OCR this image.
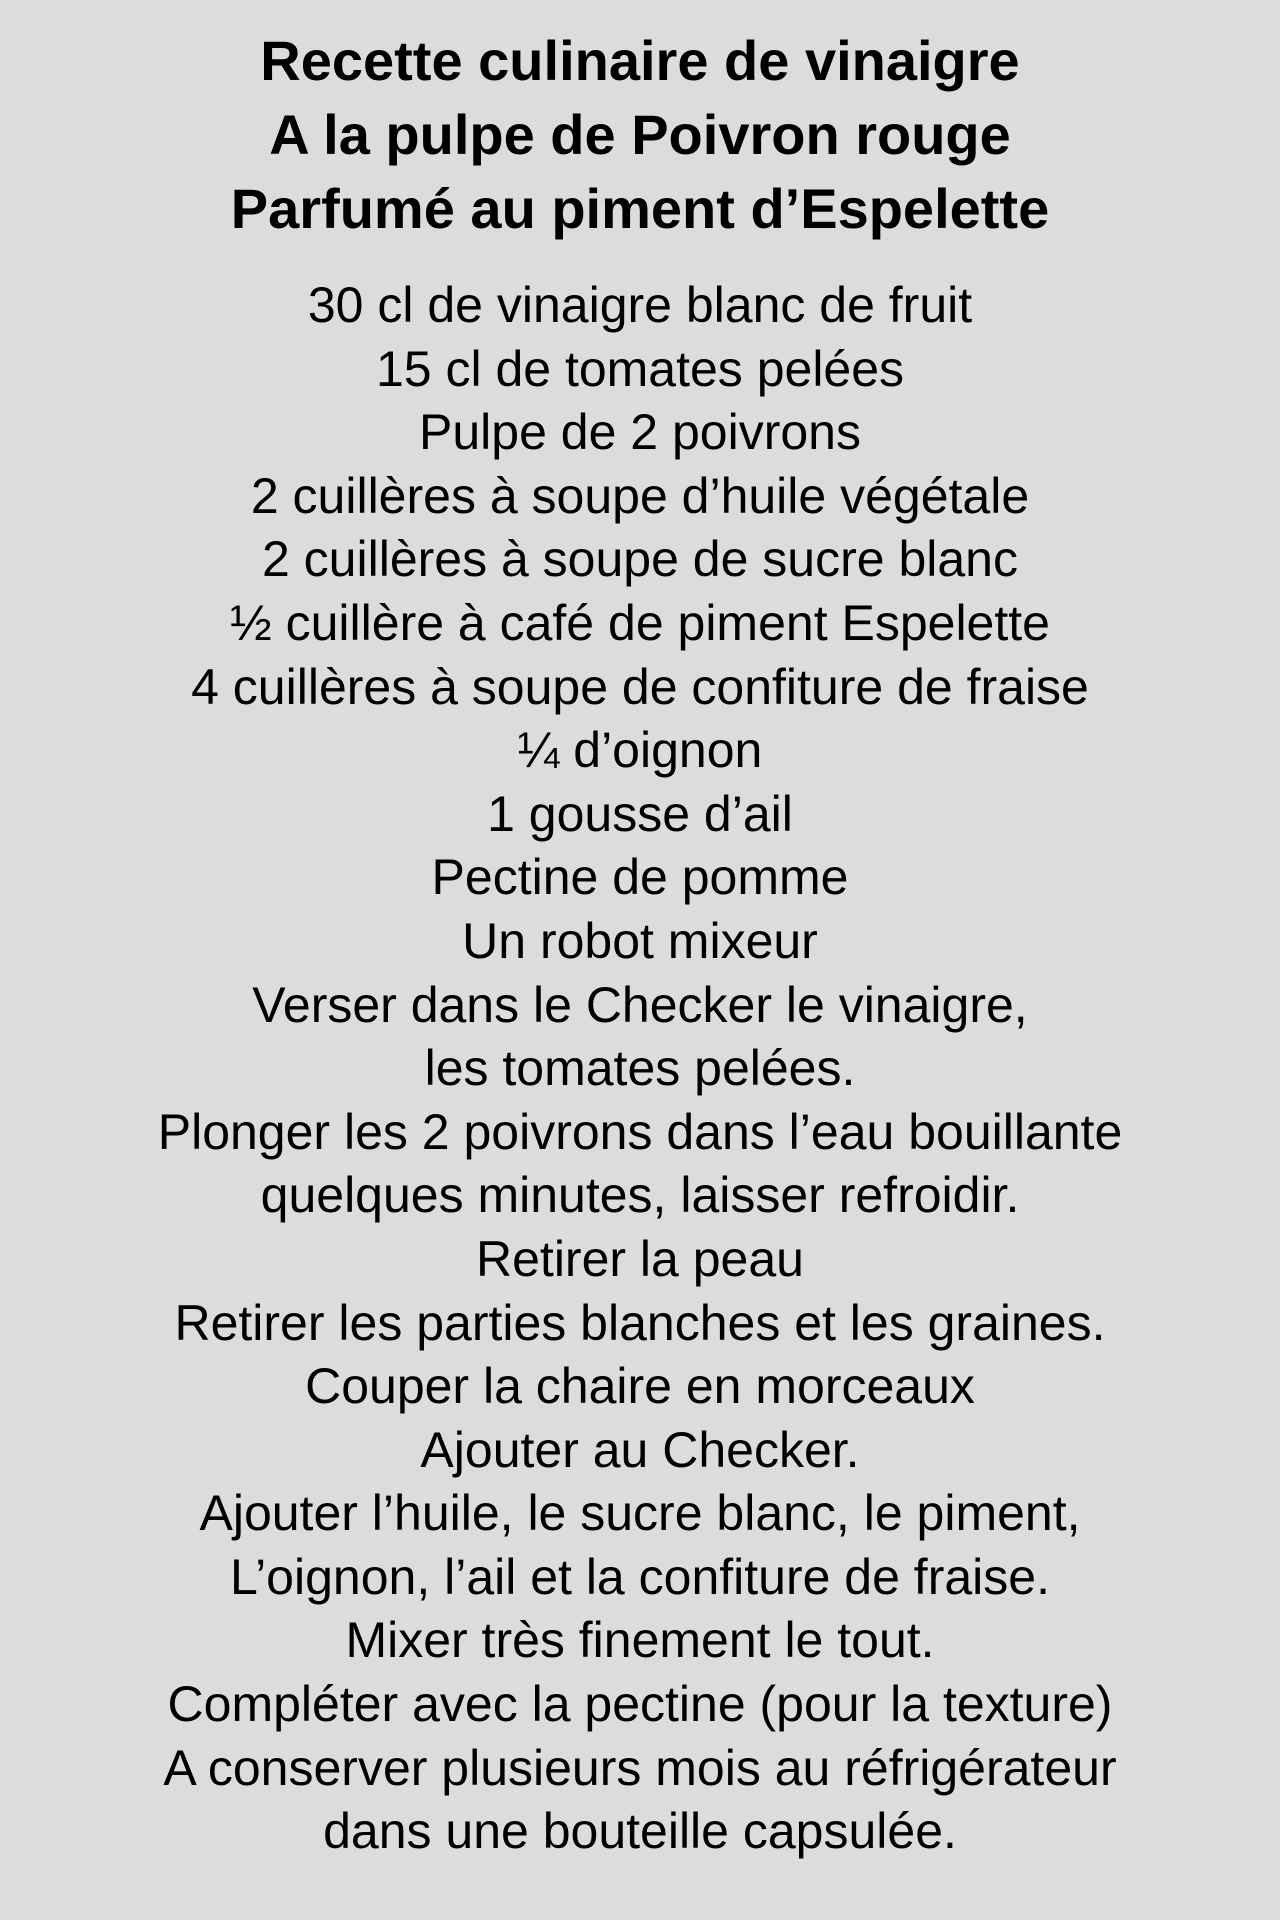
Recette culinaire de vinaigre
A la pulpe de Poivron rouge
Parfumé au piment d’Espelette
30 cl de vinaigre blanc de fruit
15 cl de tomates pelées
Pulpe de 2 poivrons
2 cuillères à soupe d’huile végétale
2 cuillères à soupe de sucre blanc
½ cuillère à café de piment Espelette
4 cuillères à soupe de confiture de fraise
¼ d’oignon
1 gousse d’ail
Pectine de pomme
Un robot mixeur
Verser dans le Checker le vinaigre,
les tomates pelées.
Plonger les 2 poivrons dans l’eau bouillante
quelques minutes, laisser refroidir.
Retirer la peau
Retirer les parties blanches et les graines.
Couper la chaire en morceaux
Ajouter au Checker.
Ajouter l’huile, le sucre blanc, le piment,
L’oignon, l’ail et la confiture de fraise.
Mixer très finement le tout.
Compléter avec la pectine (pour la texture)
A conserver plusieurs mois au réfrigérateur
dans une bouteille capsulée.
